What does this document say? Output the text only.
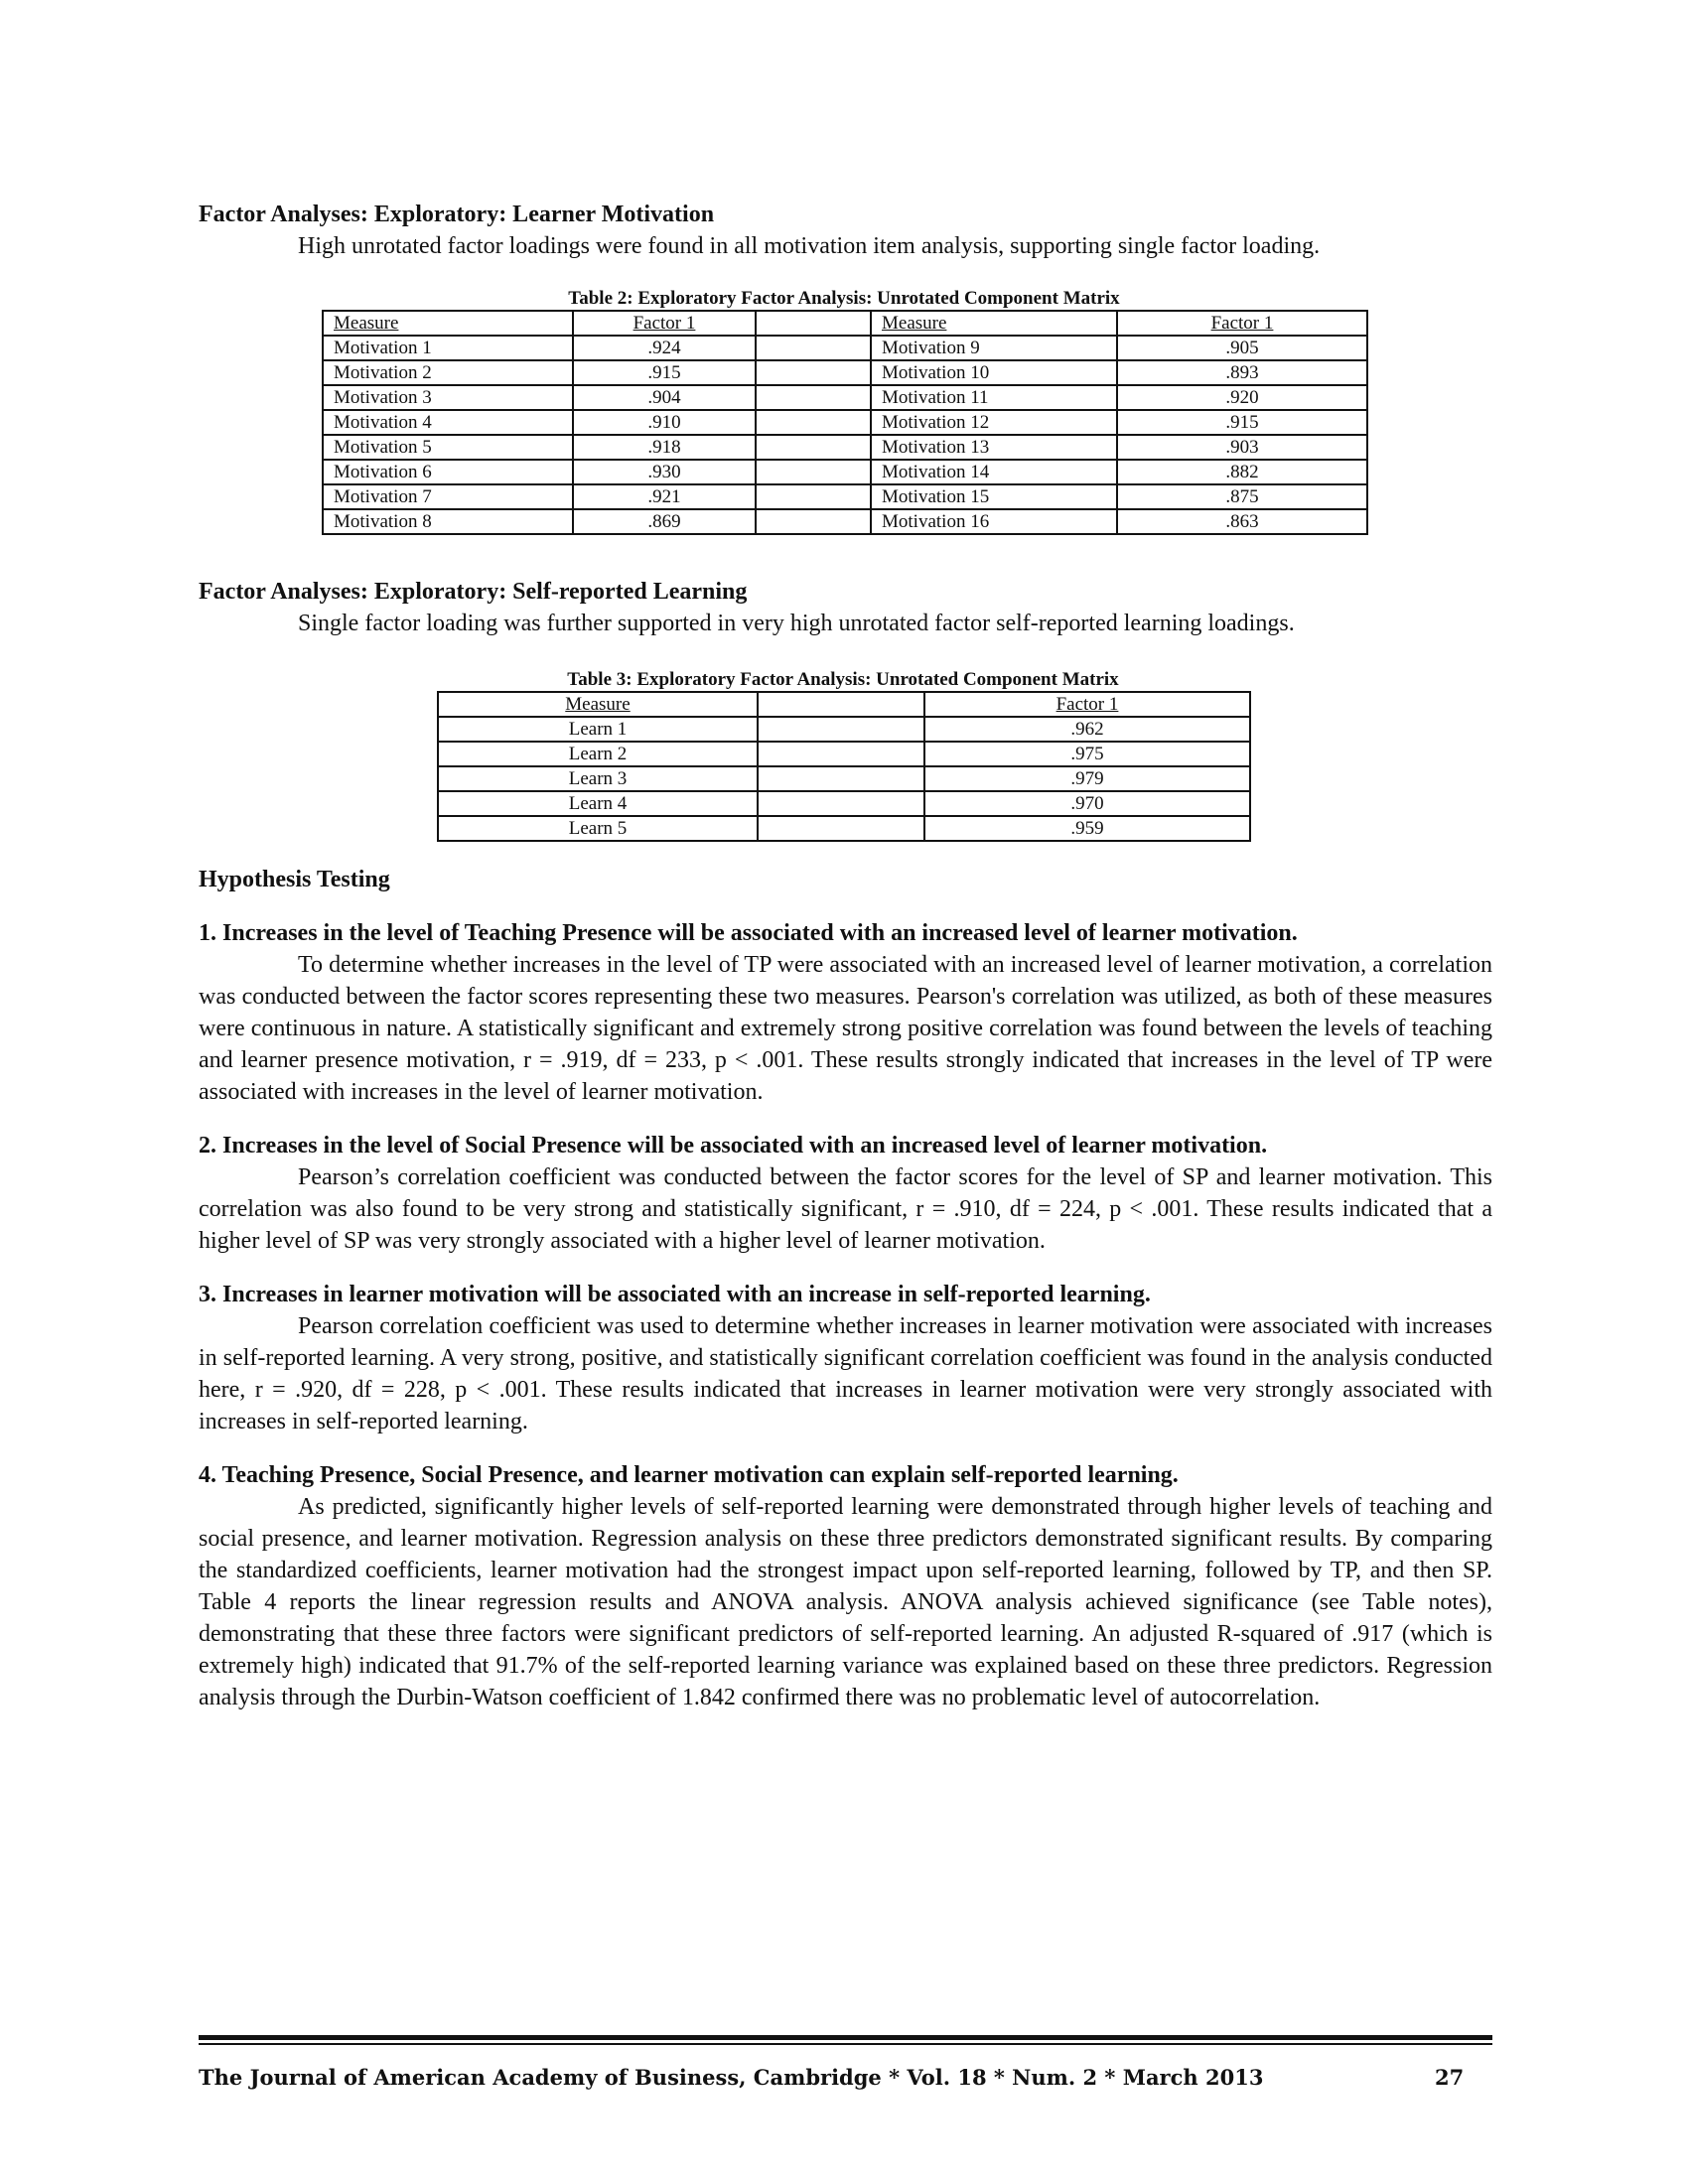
Factor Analyses: Exploratory: Learner Motivation

High unrotated factor loadings were found in all motivation item analysis, supporting single factor loading.

Table 2: Exploratory Factor Analysis: Unrotated Component Matrix

Measure	Factor 1		Measure	Factor 1
Motivation 1	.924		Motivation 9	.905
Motivation 2	.915		Motivation 10	.893
Motivation 3	.904		Motivation 11	.920
Motivation 4	.910		Motivation 12	.915
Motivation 5	.918		Motivation 13	.903
Motivation 6	.930		Motivation 14	.882
Motivation 7	.921		Motivation 15	.875
Motivation 8	.869		Motivation 16	.863

Factor Analyses: Exploratory: Self-reported Learning

Single factor loading was further supported in very high unrotated factor self-reported learning loadings.

Table 3: Exploratory Factor Analysis: Unrotated Component Matrix

Measure		Factor 1
Learn 1		.962
Learn 2		.975
Learn 3		.979
Learn 4		.970
Learn 5		.959

Hypothesis Testing

1. Increases in the level of Teaching Presence will be associated with an increased level of learner motivation.

To determine whether increases in the level of TP were associated with an increased level of learner motivation, a correlation was conducted between the factor scores representing these two measures. Pearson's correlation was utilized, as both of these measures were continuous in nature. A statistically significant and extremely strong positive correlation was found between the levels of teaching and learner presence motivation, r = .919, df = 233, p < .001. These results strongly indicated that increases in the level of TP were associated with increases in the level of learner motivation.

2. Increases in the level of Social Presence will be associated with an increased level of learner motivation.

Pearson’s correlation coefficient was conducted between the factor scores for the level of SP and learner motivation. This correlation was also found to be very strong and statistically significant, r = .910, df = 224, p < .001. These results indicated that a higher level of SP was very strongly associated with a higher level of learner motivation.

3. Increases in learner motivation will be associated with an increase in self-reported learning.

Pearson correlation coefficient was used to determine whether increases in learner motivation were associated with increases in self-reported learning. A very strong, positive, and statistically significant correlation coefficient was found in the analysis conducted here, r = .920, df = 228, p < .001. These results indicated that increases in learner motivation were very strongly associated with increases in self-reported learning.

4. Teaching Presence, Social Presence, and learner motivation can explain self-reported learning.

As predicted, significantly higher levels of self-reported learning were demonstrated through higher levels of teaching and social presence, and learner motivation. Regression analysis on these three predictors demonstrated significant results. By comparing the standardized coefficients, learner motivation had the strongest impact upon self-reported learning, followed by TP, and then SP. Table 4 reports the linear regression results and ANOVA analysis. ANOVA analysis achieved significance (see Table notes), demonstrating that these three factors were significant predictors of self-reported learning. An adjusted R-squared of .917 (which is extremely high) indicated that 91.7% of the self-reported learning variance was explained based on these three predictors. Regression analysis through the Durbin-Watson coefficient of 1.842 confirmed there was no problematic level of autocorrelation.

The Journal of American Academy of Business, Cambridge * Vol. 18 * Num. 2 * March 2013	27
